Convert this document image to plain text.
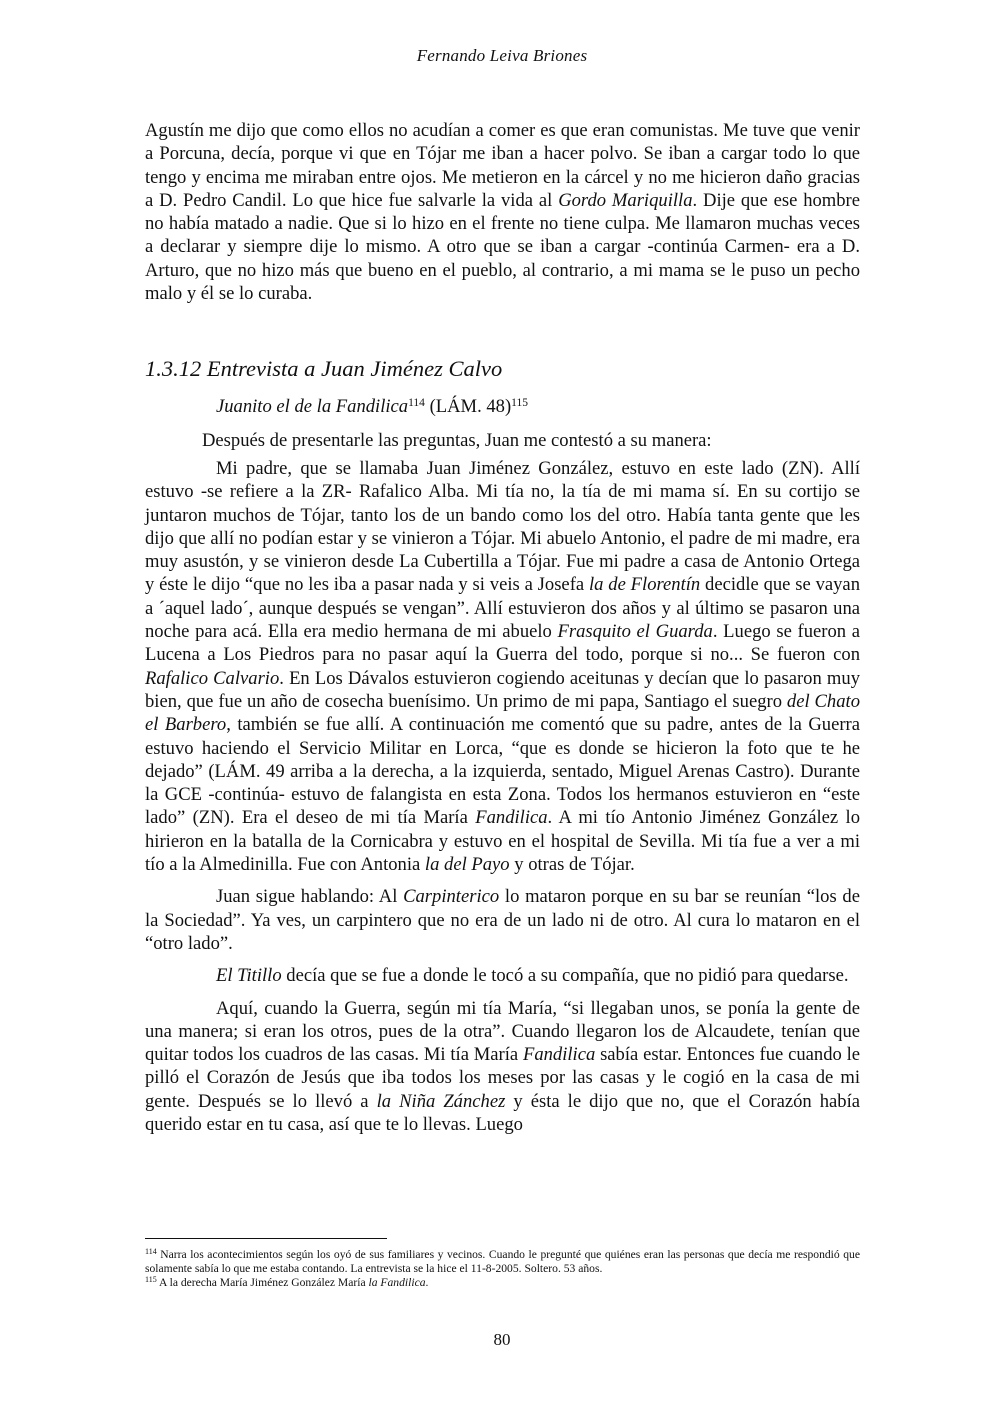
Fernando Leiva Briones

Agustín me dijo que como ellos no acudían a comer es que eran comunistas. Me tuve que venir a Porcuna, decía, porque vi que en Tójar me iban a hacer polvo. Se iban a cargar todo lo que tengo y encima me miraban entre ojos. Me metieron en la cárcel y no me hicieron daño gracias a D. Pedro Candil. Lo que hice fue salvarle la vida al Gordo Mariquilla. Dije que ese hombre no había matado a nadie. Que si lo hizo en el frente no tiene culpa. Me llamaron muchas veces a declarar y siempre dije lo mismo. A otro que se iban a cargar -continúa Carmen- era a D. Arturo, que no hizo más que bueno en el pueblo, al contrario, a mi mama se le puso un pecho malo y él se lo curaba.

1.3.12 Entrevista a Juan Jiménez Calvo

Juanito el de la Fandilica$^{114}$ (LÁM. 48)$^{115}$

Después de presentarle las preguntas, Juan me contestó a su manera:

Mi padre, que se llamaba Juan Jiménez González, estuvo en este lado (ZN). Allí estuvo -se refiere a la ZR- Rafalico Alba. Mi tía no, la tía de mi mama sí. En su cortijo se juntaron muchos de Tójar, tanto los de un bando como los del otro. Había tanta gente que les dijo que allí no podían estar y se vinieron a Tójar. Mi abuelo Antonio, el padre de mi madre, era muy asustón, y se vinieron desde La Cubertilla a Tójar. Fue mi padre a casa de Antonio Ortega y éste le dijo “que no les iba a pasar nada y si veis a Josefa la de Florentín decidle que se vayan a ´aquel lado´, aunque después se vengan”. Allí estuvieron dos años y al último se pasaron una noche para acá. Ella era medio hermana de mi abuelo Frasquito el Guarda. Luego se fueron a Lucena a Los Piedros para no pasar aquí la Guerra del todo, porque si no... Se fueron con Rafalico Calvario. En Los Dávalos estuvieron cogiendo aceitunas y decían que lo pasaron muy bien, que fue un año de cosecha buenísimo. Un primo de mi papa, Santiago el suegro del Chato el Barbero, también se fue allí. A continuación me comentó que su padre, antes de la Guerra estuvo haciendo el Servicio Militar en Lorca, “que es donde se hicieron la foto que te he dejado” (LÁM. 49 arriba a la derecha, a la izquierda, sentado, Miguel Arenas Castro). Durante la GCE -continúa- estuvo de falangista en esta Zona. Todos los hermanos estuvieron en “este lado” (ZN). Era el deseo de mi tía María Fandilica. A mi tío Antonio Jiménez González lo hirieron en la batalla de la Cornicabra y estuvo en el hospital de Sevilla. Mi tía fue a ver a mi tío a la Almedinilla. Fue con Antonia la del Payo y otras de Tójar.

Juan sigue hablando: Al Carpinterico lo mataron porque en su bar se reunían “los de la Sociedad”. Ya ves, un carpintero que no era de un lado ni de otro. Al cura lo mataron en el “otro lado”.

El Titillo decía que se fue a donde le tocó a su compañía, que no pidió para quedarse.

Aquí, cuando la Guerra, según mi tía María, “si llegaban unos, se ponía la gente de una manera; si eran los otros, pues de la otra”. Cuando llegaron los de Alcaudete, tenían que quitar todos los cuadros de las casas. Mi tía María Fandilica sabía estar. Entonces fue cuando le pilló el Corazón de Jesús que iba todos los meses por las casas y le cogió en la casa de mi gente. Después se lo llevó a la Niña Zánchez y ésta le dijo que no, que el Corazón había querido estar en tu casa, así que te lo llevas. Luego

$^{114}$ Narra los acontecimientos según los oyó de sus familiares y vecinos. Cuando le pregunté que quiénes eran las personas que decía me respondió que solamente sabía lo que me estaba contando. La entrevista se la hice el 11-8-2005. Soltero. 53 años.

$^{115}$ A la derecha María Jiménez González María la Fandilica.

80
